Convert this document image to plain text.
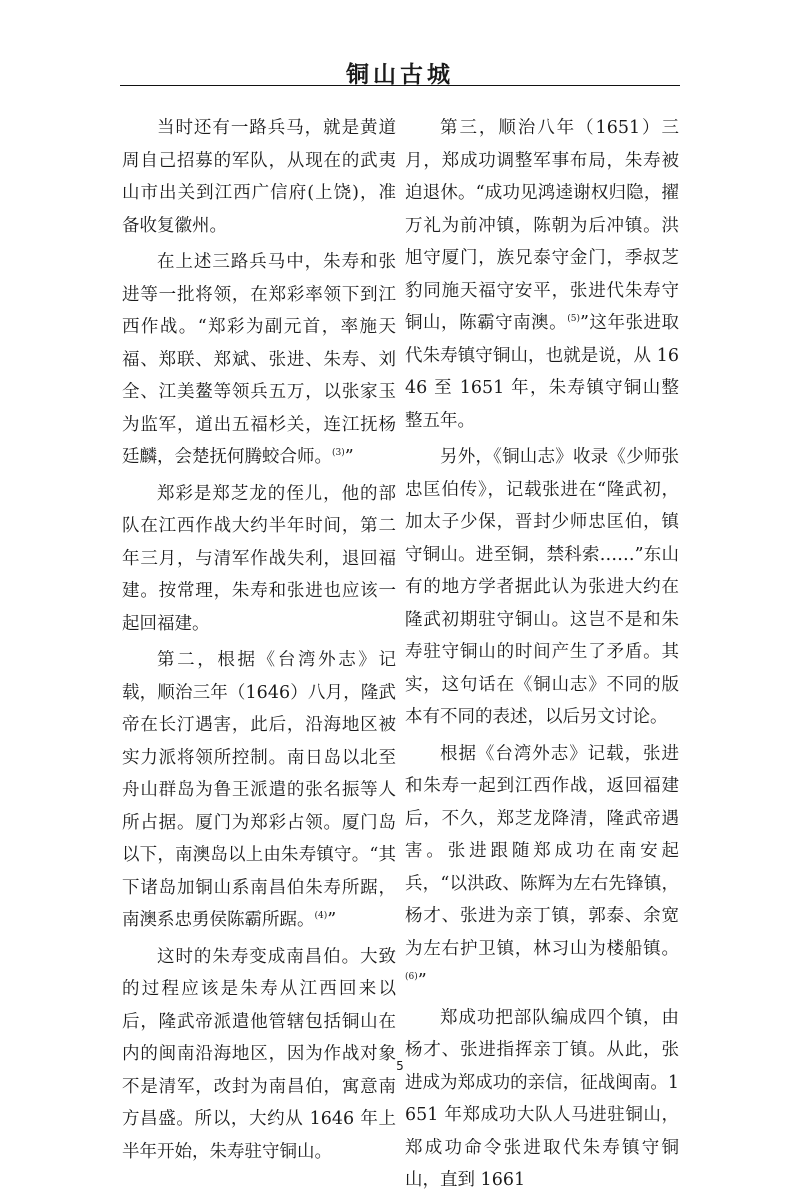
铜山古城

当时还有一路兵马，就是黄道周自己招募的军队，从现在的武夷山市出关到江西广信府(上饶)，准备收复徽州。

在上述三路兵马中，朱寿和张进等一批将领，在郑彩率领下到江西作战。“郑彩为副元首，率施天福、郑联、郑斌、张进、朱寿、刘全、江美鳌等领兵五万，以张家玉为监军，道出五福杉关，连江抚杨廷麟，会楚抚何腾蛟合师。$^{(3)}$”

郑彩是郑芝龙的侄儿，他的部队在江西作战大约半年时间，第二年三月，与清军作战失利，退回福建。按常理，朱寿和张进也应该一起回福建。

第二，根据《台湾外志》记载，顺治三年（1646）八月，隆武帝在长汀遇害，此后，沿海地区被实力派将领所控制。南日岛以北至舟山群岛为鲁王派遣的张名振等人所占据。厦门为郑彩占领。厦门岛以下，南澳岛以上由朱寿镇守。“其下诸岛加铜山系南昌伯朱寿所踞，南澳系忠勇侯陈霸所踞。$^{(4)}$”

这时的朱寿变成南昌伯。大致的过程应该是朱寿从江西回来以后，隆武帝派遣他管辖包括铜山在内的闽南沿海地区，因为作战对象不是清军，改封为南昌伯，寓意南方昌盛。所以，大约从 1646 年上半年开始，朱寿驻守铜山。

第三，顺治八年（1651）三月，郑成功调整军事布局，朱寿被迫退休。“成功见鸿逵谢权归隐，擢万礼为前冲镇，陈朝为后冲镇。洪旭守厦门，族兄泰守金门，季叔芝豹同施天福守安平，张进代朱寿守铜山，陈霸守南澳。$^{(5)}$”这年张进取代朱寿镇守铜山，也就是说，从 1646 至 1651 年，朱寿镇守铜山整整五年。

另外，《铜山志》收录《少师张忠匡伯传》，记载张进在“隆武初，加太子少保，晋封少师忠匡伯，镇守铜山。进至铜，禁科索……”东山有的地方学者据此认为张进大约在隆武初期驻守铜山。这岂不是和朱寿驻守铜山的时间产生了矛盾。其实，这句话在《铜山志》不同的版本有不同的表述，以后另文讨论。

根据《台湾外志》记载，张进和朱寿一起到江西作战，返回福建后，不久，郑芝龙降清，隆武帝遇害。张进跟随郑成功在南安起兵，“以洪政、陈辉为左右先锋镇，杨才、张进为亲丁镇，郭泰、余宽为左右护卫镇，林习山为楼船镇。$^{(6)}$”

郑成功把部队编成四个镇，由杨才、张进指挥亲丁镇。从此，张进成为郑成功的亲信，征战闽南。1651 年郑成功大队人马进驻铜山，郑成功命令张进取代朱寿镇守铜山，直到 1661

5
